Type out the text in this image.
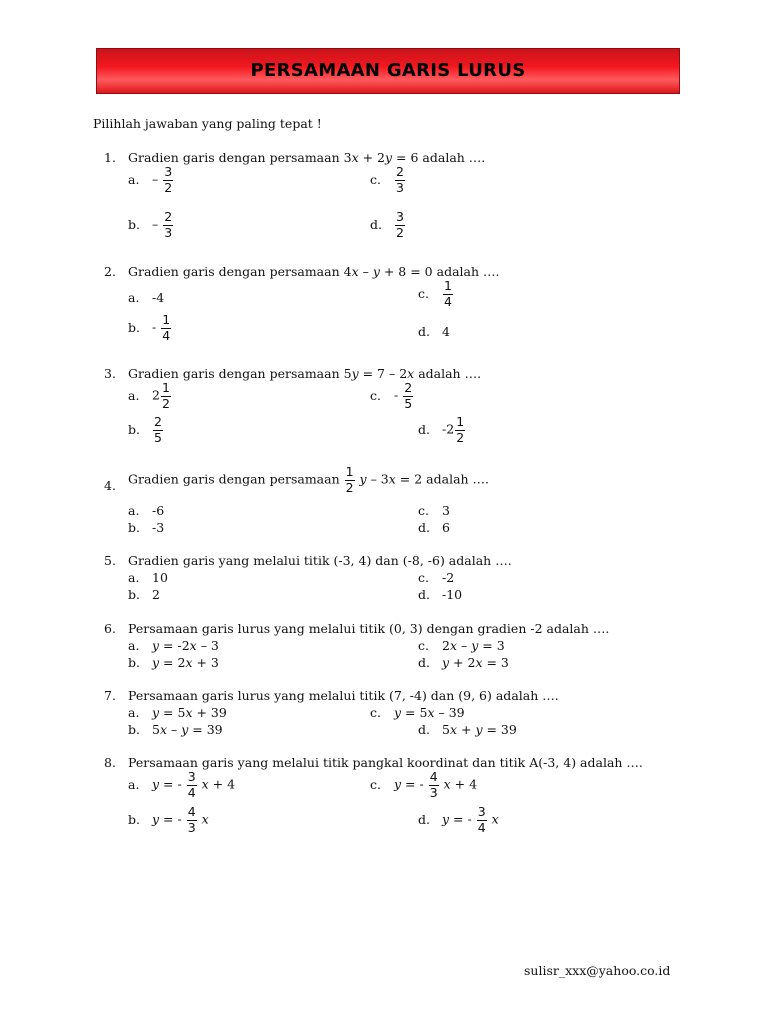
PERSAMAAN GARIS LURUS
Pilihlah jawaban yang paling tepat !
1. Gradien garis dengan persamaan 3x + 2y = 6 adalah ….
a. – $\frac{3}{2}$	c. $\frac{2}{3}$
b. – $\frac{2}{3}$	d. $\frac{3}{2}$
2. Gradien garis dengan persamaan 4x – y + 8 = 0 adalah ….
a. -4	c. $\frac{1}{4}$
b. - $\frac{1}{4}$	d. 4
3. Gradien garis dengan persamaan 5y = 7 – 2x adalah ….
a. $2 \frac{1}{2}$	c. - $\frac{2}{5}$
b. $\frac{2}{5}$	d. $-2 \frac{1}{2}$
4. Gradien garis dengan persamaan $\frac{1}{2}$ y – 3x = 2 adalah ….
a. -6	c. 3
b. -3	d. 6
5. Gradien garis yang melalui titik (-3, 4) dan (-8, -6) adalah ….
a. 10	c. -2
b. 2	d. -10
6. Persamaan garis lurus yang melalui titik (0, 3) dengan gradien -2 adalah ….
a. y = -2x – 3	c. 2x – y = 3
b. y = 2x + 3	d. y + 2x = 3
7. Persamaan garis lurus yang melalui titik (7, -4) dan (9, 6) adalah ….
a. y = 5x + 39	c. y = 5x – 39
b. 5x – y = 39	d. 5x + y = 39
8. Persamaan garis yang melalui titik pangkal koordinat dan titik A(-3, 4) adalah ….
a. y = - $\frac{3}{4}$ x + 4	c. y = - $\frac{4}{3}$ x + 4
b. y = - $\frac{4}{3}$ x	d. y = - $\frac{3}{4}$ x
sulisr_xxx@yahoo.co.id
